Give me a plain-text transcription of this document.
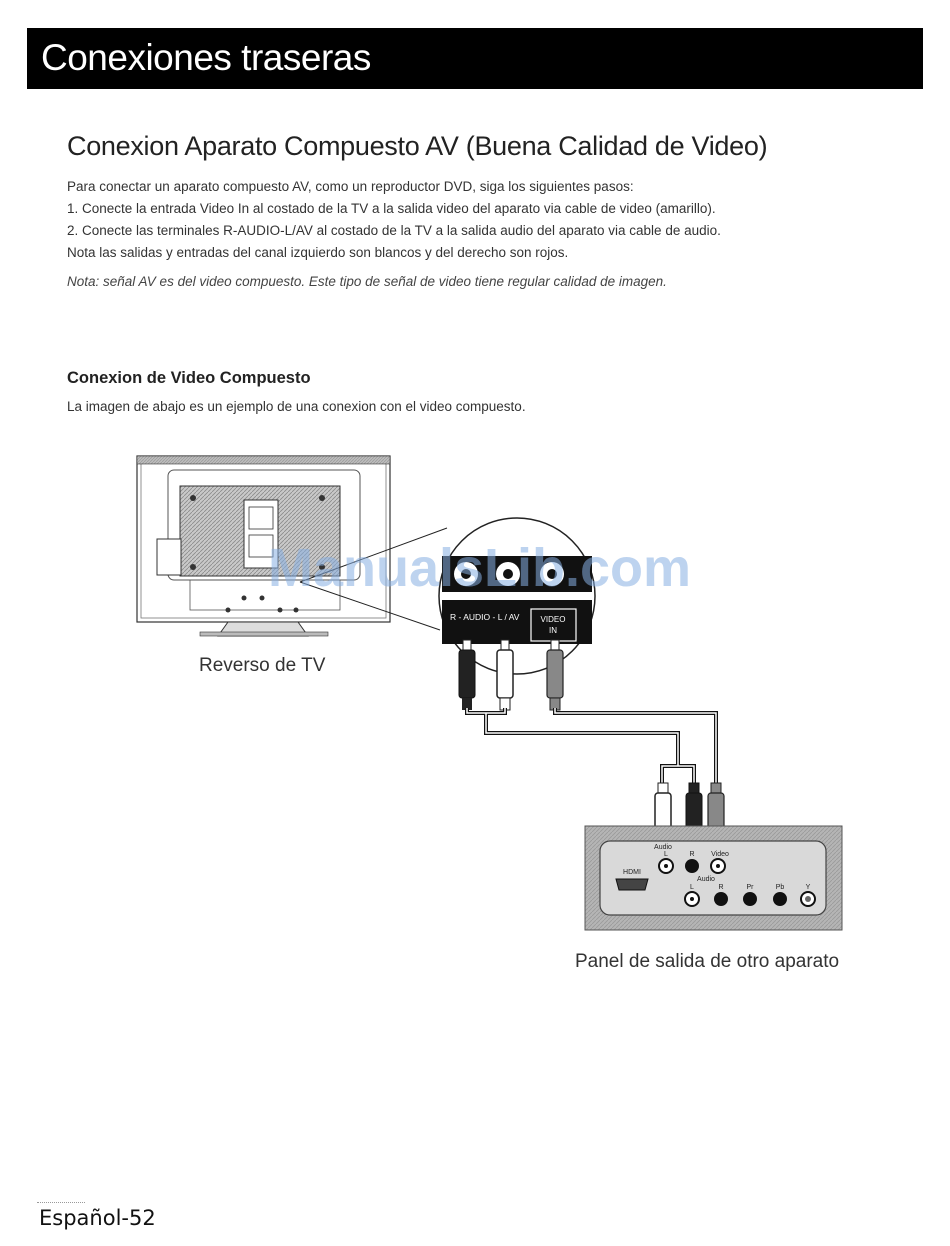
Conexiones traseras
Conexion Aparato Compuesto AV (Buena Calidad de Video)
Para conectar un aparato compuesto AV, como un reproductor DVD, siga los siguientes pasos:
1. Conecte la entrada Video In al costado de la TV a la salida video del aparato via cable de video (amarillo).
2. Conecte las terminales R-AUDIO-L/AV al costado de la TV a la salida audio del aparato via cable de audio.
Nota las salidas y entradas del canal izquierdo son blancos y del derecho son rojos.
Nota: señal AV es del video compuesto. Este tipo de señal de video tiene regular calidad de imagen.
Conexion de Video Compuesto
La imagen de abajo es un ejemplo de una conexion con el video compuesto.
R - AUDIO - L / AV	VIDEO
IN
Audio
L	R Video
HDMI
Audio
L	R	Pr	Pb	Y
Reverso de TV
Panel de salida de otro aparato
ManualsLib.com
Español-52
